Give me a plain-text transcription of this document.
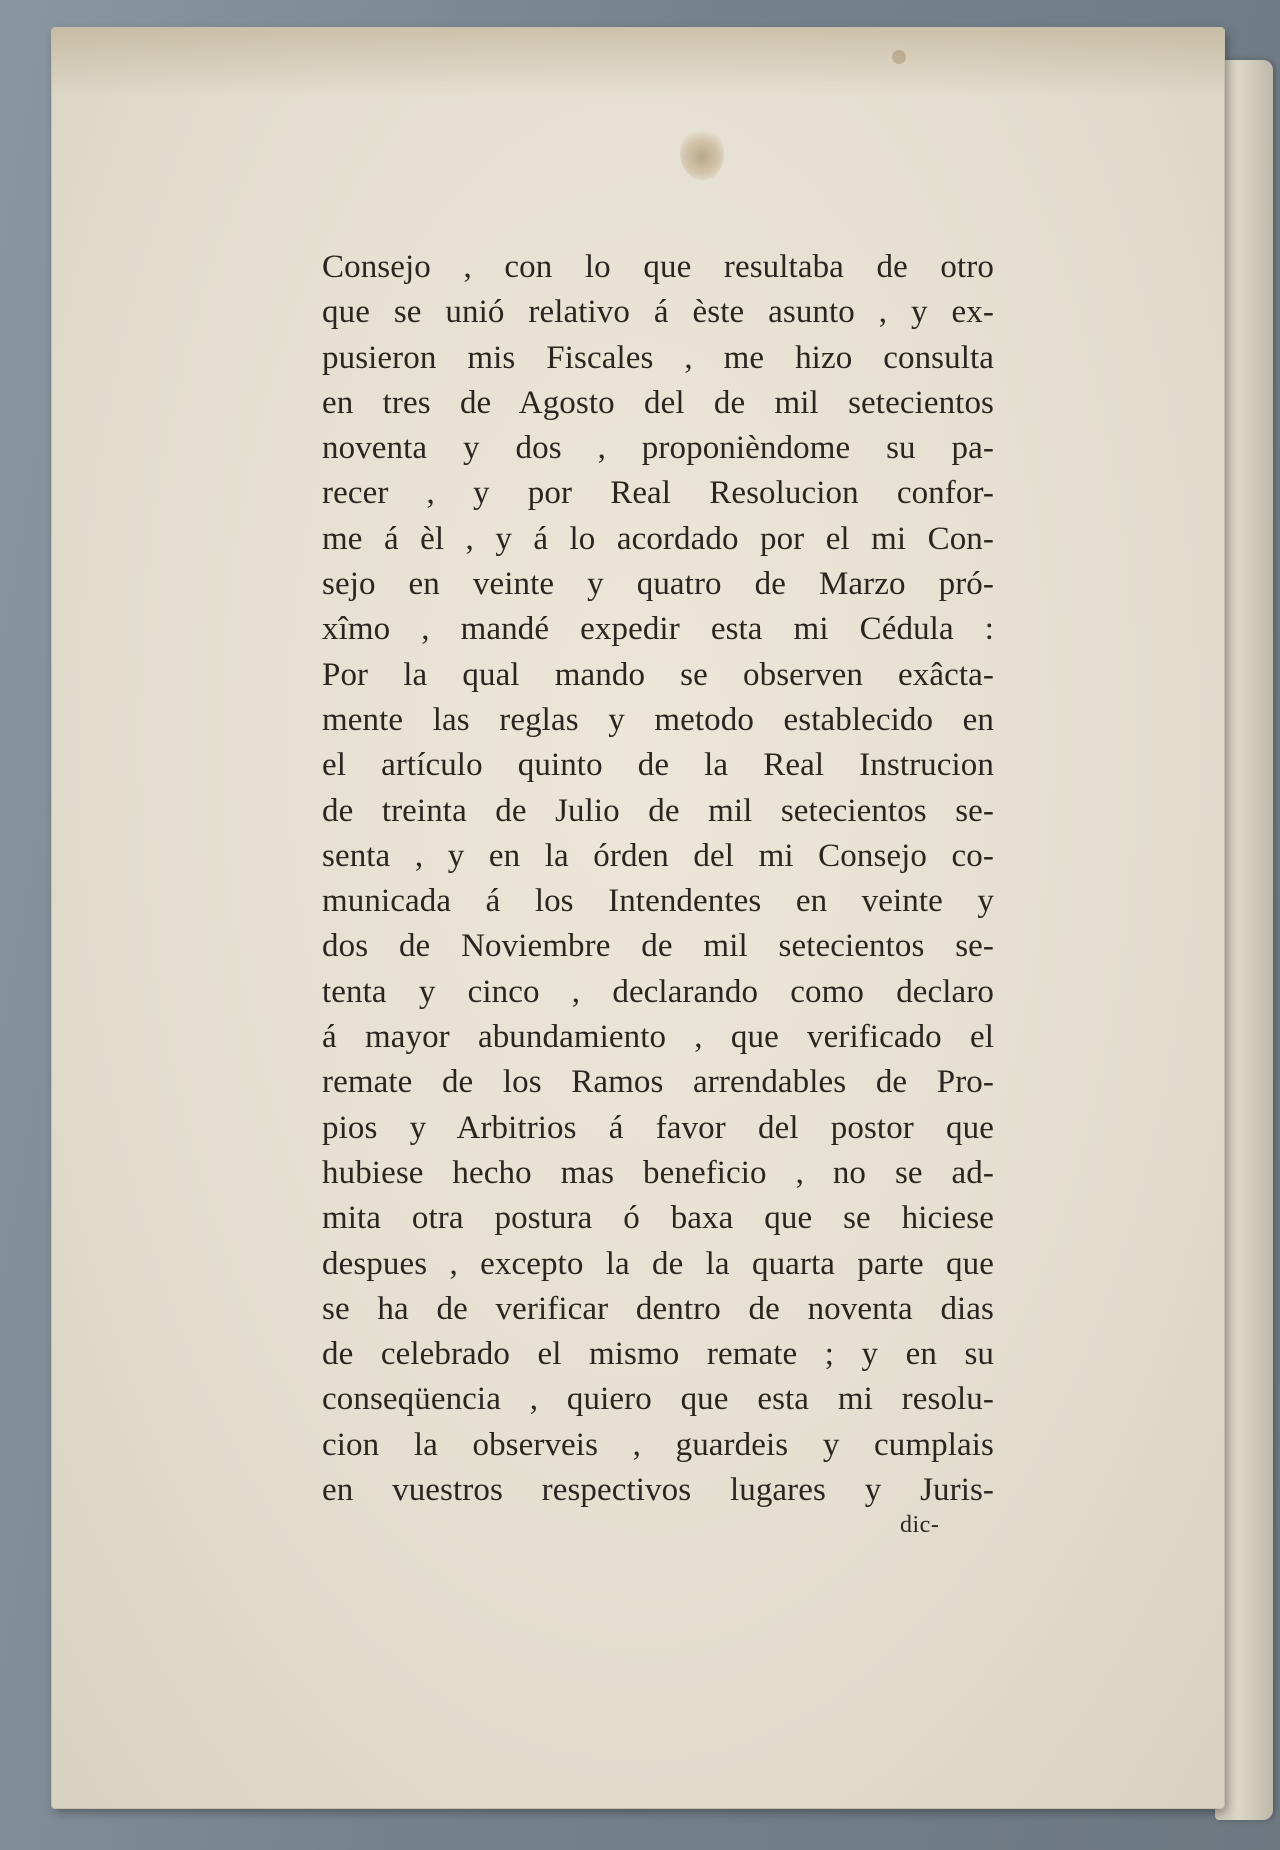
Consejo , con lo que resultaba de otro
que se unió relativo á èste asunto , y ex-
pusieron mis Fiscales , me hizo consulta
en tres de Agosto del de mil setecientos
noventa y dos , proponièndome su pa-
recer , y por Real Resolucion confor-
me á èl , y á lo acordado por el mi Con-
sejo en veinte y quatro de Marzo pró-
xîmo , mandé expedir esta mi Cédula :
Por la qual mando se observen exâcta-
mente las reglas y metodo establecido en
el artículo quinto de la Real Instrucion
de treinta de Julio de mil setecientos se-
senta , y en la órden del mi Consejo co-
municada á los Intendentes en veinte y
dos de Noviembre de mil setecientos se-
tenta y cinco , declarando como declaro
á mayor abundamiento , que verificado el
remate de los Ramos arrendables de Pro-
pios y Arbitrios á favor del postor que
hubiese hecho mas beneficio , no se ad-
mita otra postura ó baxa que se hiciese
despues , excepto la de la quarta parte que
se ha de verificar dentro de noventa dias
de celebrado el mismo remate ; y en su
conseqüencia , quiero que esta mi resolu-
cion la observeis , guardeis y cumplais
en vuestros respectivos lugares y Juris-
dic-
